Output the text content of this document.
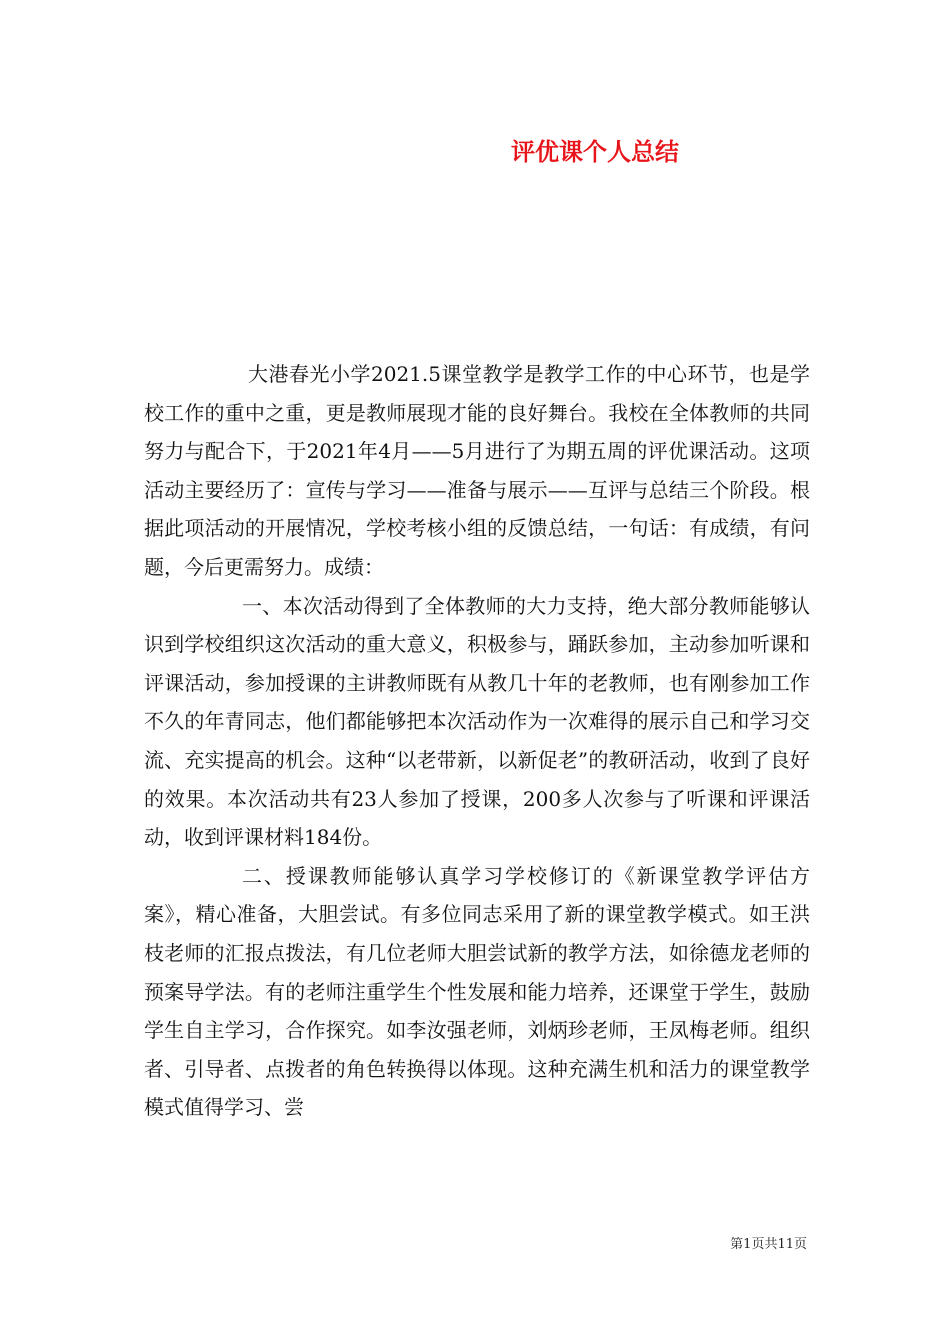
评优课个人总结

大港春光小学2021.5课堂教学是教学工作的中心环节，也是学校工作的重中之重，更是教师展现才能的良好舞台。我校在全体教师的共同努力与配合下，于2021年4月——5月进行了为期五周的评优课活动。这项活动主要经历了：宣传与学习——准备与展示——互评与总结三个阶段。根据此项活动的开展情况，学校考核小组的反馈总结，一句话：有成绩，有问题，今后更需努力。成绩：

一、本次活动得到了全体教师的大力支持，绝大部分教师能够认识到学校组织这次活动的重大意义，积极参与，踊跃参加，主动参加听课和评课活动，参加授课的主讲教师既有从教几十年的老教师，也有刚参加工作不久的年青同志，他们都能够把本次活动作为一次难得的展示自己和学习交流、充实提高的机会。这种“以老带新，以新促老”的教研活动，收到了良好的效果。本次活动共有23人参加了授课，200多人次参与了听课和评课活动，收到评课材料184份。

二、授课教师能够认真学习学校修订的《新课堂教学评估方案》，精心准备，大胆尝试。有多位同志采用了新的课堂教学模式。如王洪枝老师的汇报点拨法，有几位老师大胆尝试新的教学方法，如徐德龙老师的预案导学法。有的老师注重学生个性发展和能力培养，还课堂于学生，鼓励学生自主学习，合作探究。如李汝强老师，刘炳珍老师，王凤梅老师。组织者、引导者、点拨者的角色转换得以体现。这种充满生机和活力的课堂教学模式值得学习、尝

第1页共11页
